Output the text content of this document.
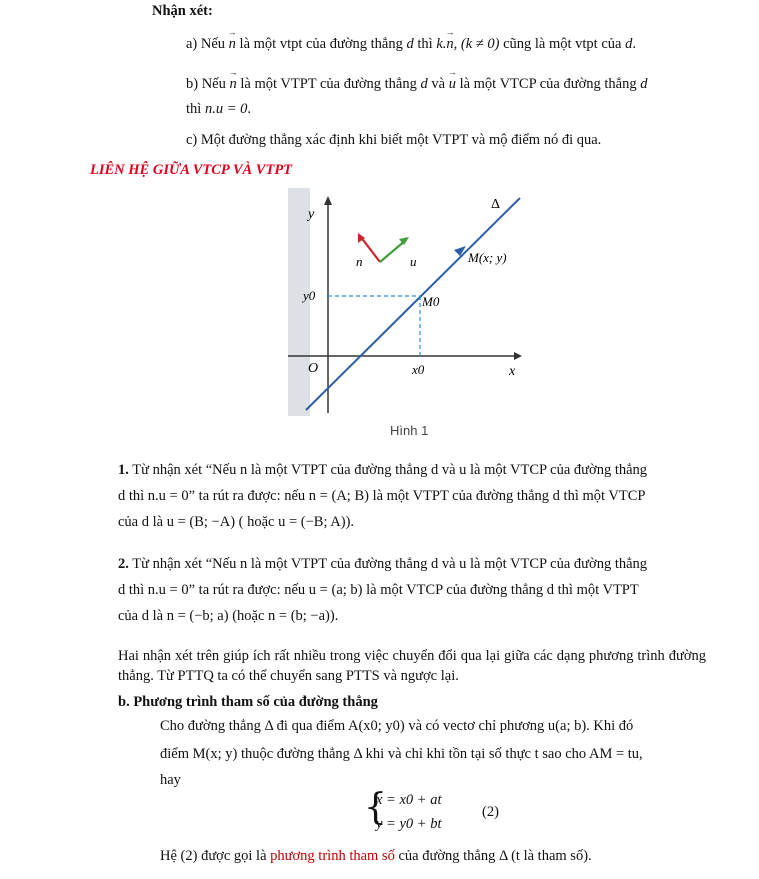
Nhận xét:
a) Nếu → n là một vtpt của đường thẳng d thì k.→ n, (k ≠ 0) cũng là một vtpt của d.
b) Nếu → n là một VTPT của đường thẳng d và → u là một VTCP của đường thẳng d
thì n.u = 0.
c) Một đường thẳng xác định khi biết một VTPT và mộ điểm nó đi qua.
LIÊN HỆ GIỮA VTCP VÀ VTPT
y
x
O
y0
x0
M0
M(x; y)
Δ
n	u
Hình 1
1. Từ nhận xét “Nếu n là một VTPT của đường thẳng d và u là một VTCP của đường thẳng
d thì n.u = 0” ta rút ra được: nếu n = (A; B) là một VTPT của đường thẳng d thì một VTCP
của d là u = (B; −A) ( hoặc u = (−B; A)).
2. Từ nhận xét “Nếu n là một VTPT của đường thẳng d và u là một VTCP của đường thẳng
d thì n.u = 0” ta rút ra được: nếu u = (a; b) là một VTCP của đường thẳng d thì một VTPT
của d là n = (−b; a) (hoặc n = (b; −a)).
Hai nhận xét trên giúp ích rất nhiều trong việc chuyển đổi qua lại giữa các dạng phương trình đường thẳng. Từ PTTQ ta có thể chuyển sang PTTS và ngược lại.
b. Phương trình tham số của đường thẳng
Cho đường thẳng Δ đi qua điểm A(x0; y0) và có vectơ chỉ phương u(a; b). Khi đó
điểm M(x; y) thuộc đường thẳng Δ khi và chỉ khi tồn tại số thực t sao cho AM = tu,
hay
{
x = x0 + at
y = y0 + bt
(2)
Hệ (2) được gọi là phương trình tham số của đường thẳng Δ (t là tham số).
